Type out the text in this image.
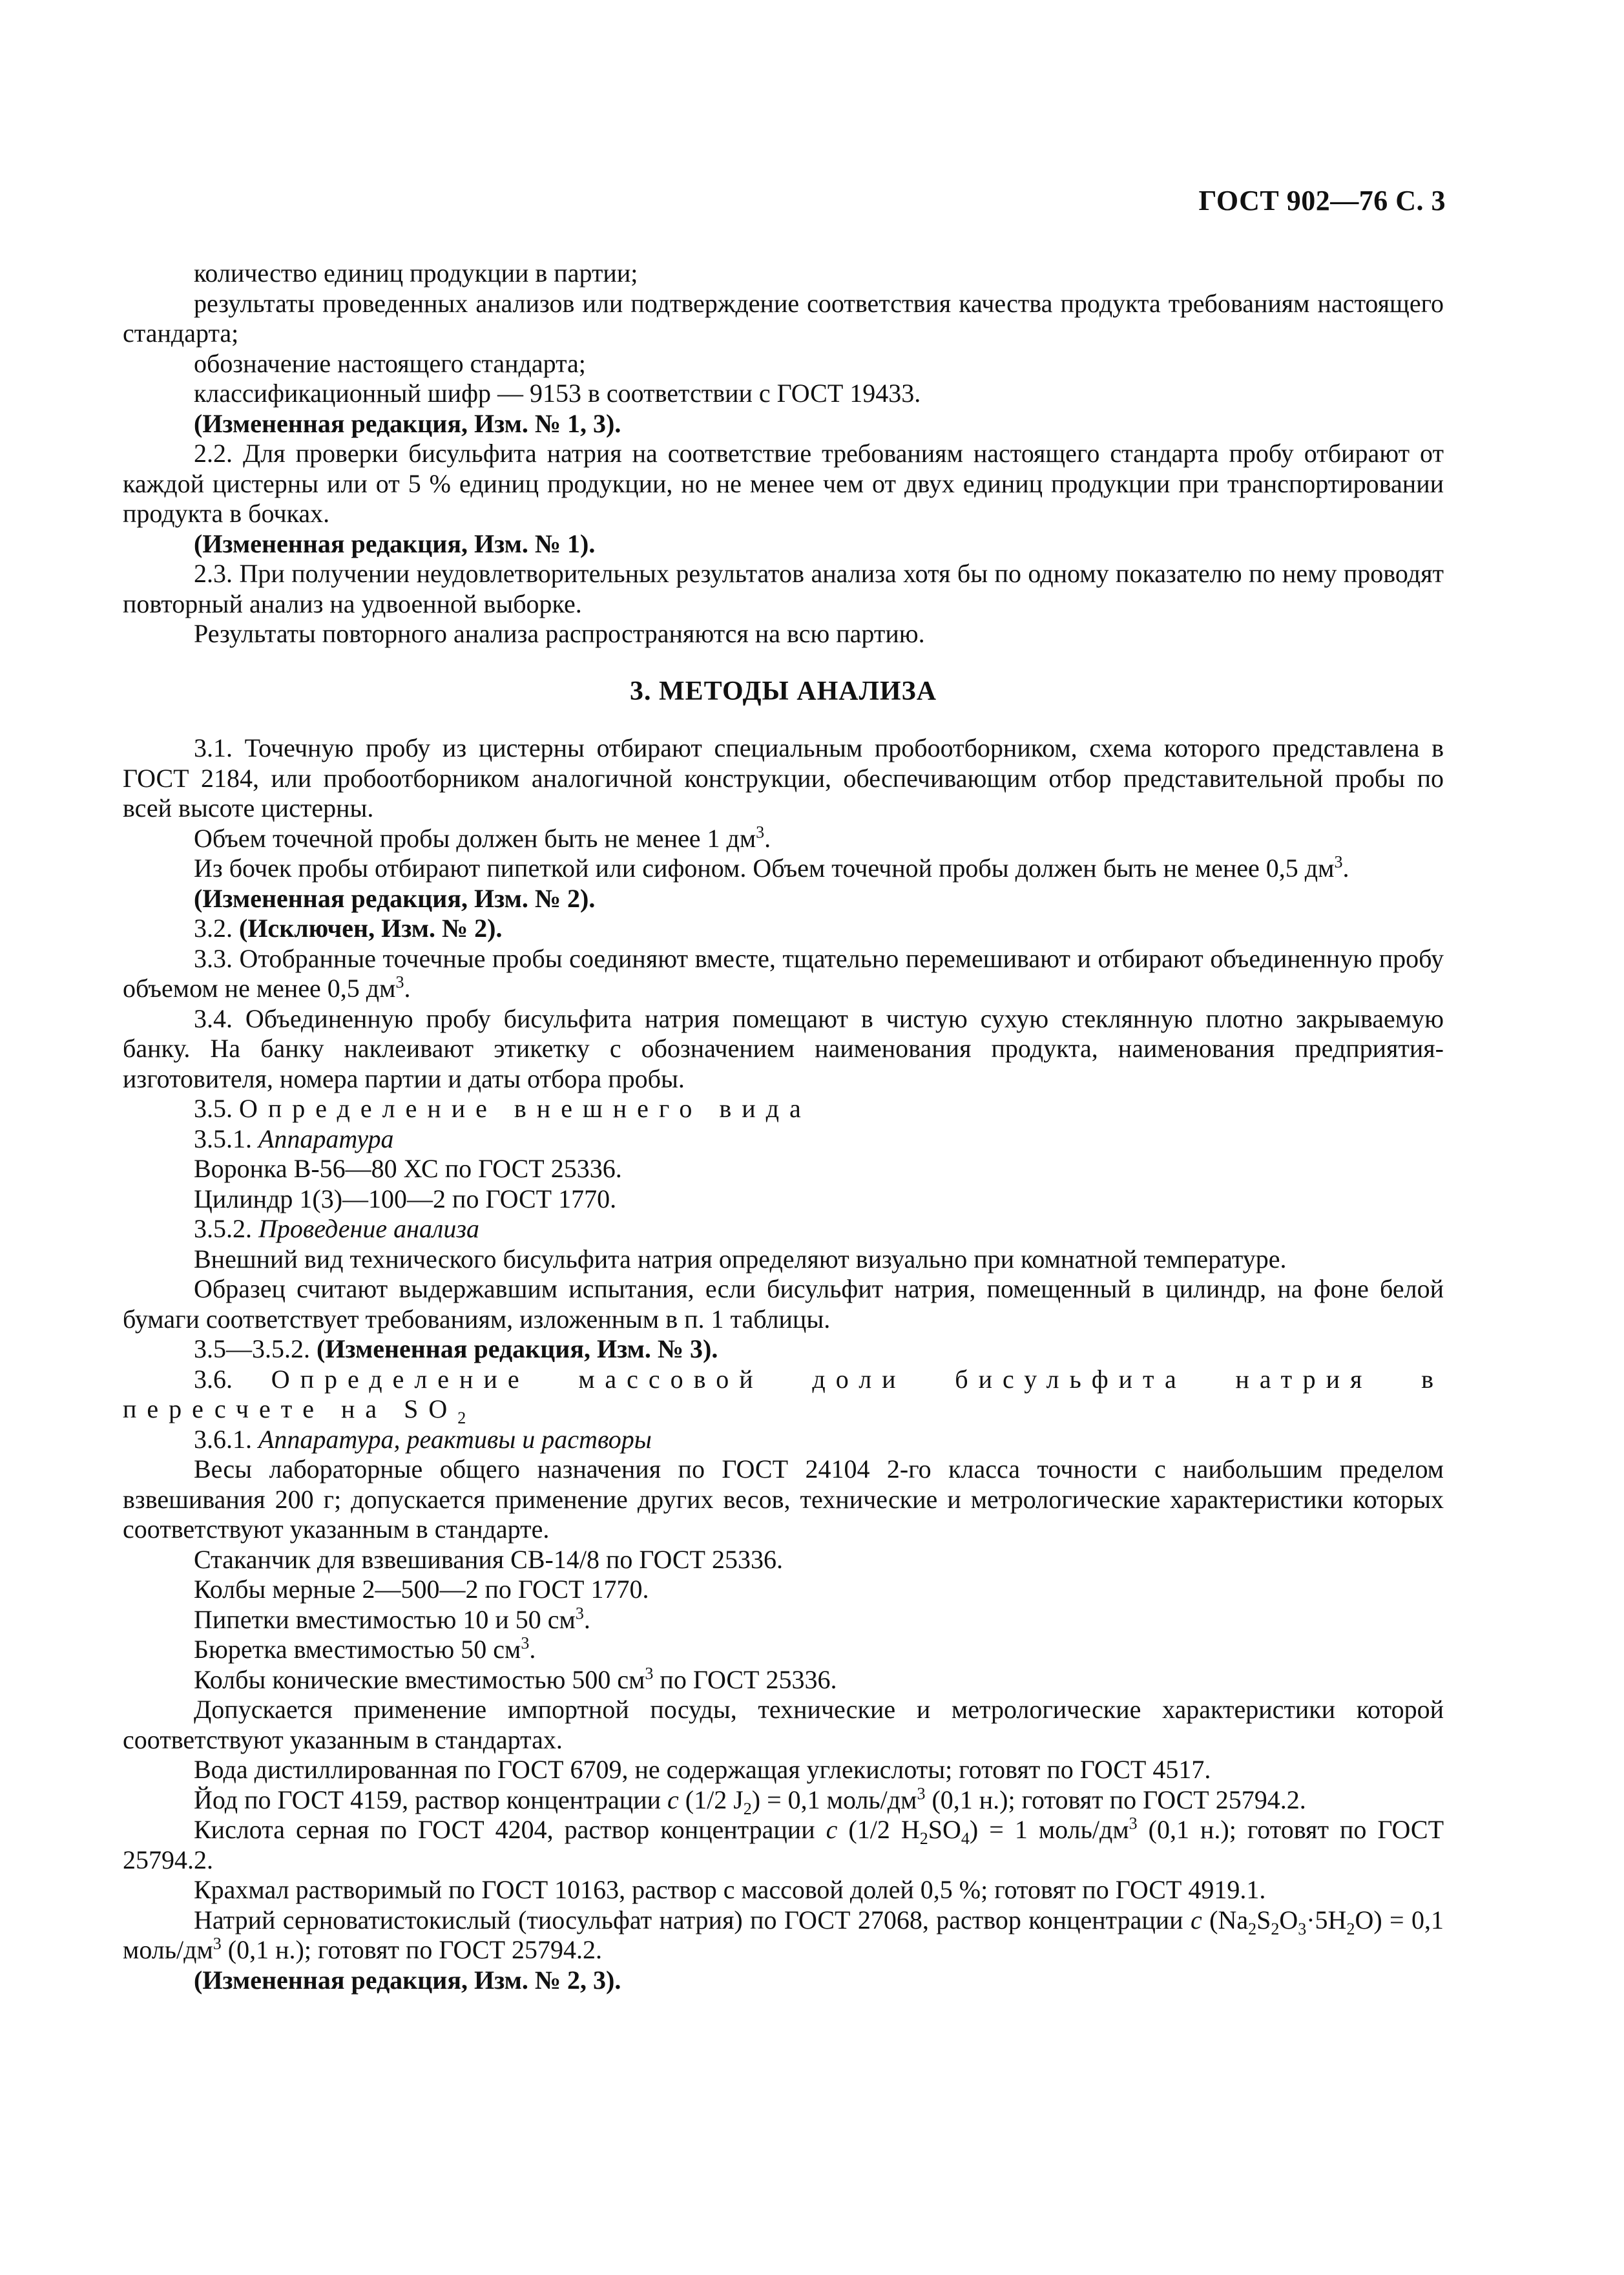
ГОСТ 902—76 С. 3

количество единиц продукции в партии;

результаты проведенных анализов или подтверждение соответствия качества продукта требованиям настоящего стандарта;

обозначение настоящего стандарта;

классификационный шифр — 9153 в соответствии с ГОСТ 19433.

(Измененная редакция, Изм. № 1, 3).

2.2. Для проверки бисульфита натрия на соответствие требованиям настоящего стандарта пробу отбирают от каждой цистерны или от 5 % единиц продукции, но не менее чем от двух единиц продукции при транспортировании продукта в бочках.

(Измененная редакция, Изм. № 1).

2.3. При получении неудовлетворительных результатов анализа хотя бы по одному показателю по нему проводят повторный анализ на удвоенной выборке.

Результаты повторного анализа распространяются на всю партию.

3. МЕТОДЫ АНАЛИЗА

3.1. Точечную пробу из цистерны отбирают специальным пробоотборником, схема которого представлена в ГОСТ 2184, или пробоотборником аналогичной конструкции, обеспечивающим отбор представительной пробы по всей высоте цистерны.

Объем точечной пробы должен быть не менее 1 $дм^3$.

Из бочек пробы отбирают пипеткой или сифоном. Объем точечной пробы должен быть не менее 0,5 $дм^3$.

(Измененная редакция, Изм. № 2).

3.2. (Исключен, Изм. № 2).

3.3. Отобранные точечные пробы соединяют вместе, тщательно перемешивают и отбирают объединенную пробу объемом не менее 0,5 $дм^3$.

3.4. Объединенную пробу бисульфита натрия помещают в чистую сухую стеклянную плотно закрываемую банку. На банку наклеивают этикетку с обозначением наименования продукта, наименования предприятия-изготовителя, номера партии и даты отбора пробы.

3.5. Определение внешнего вида

3.5.1. Аппаратура

Воронка В-56—80 ХС по ГОСТ 25336.

Цилиндр 1(3)—100—2 по ГОСТ 1770.

3.5.2. Проведение анализа

Внешний вид технического бисульфита натрия определяют визуально при комнатной температуре.

Образец считают выдержавшим испытания, если бисульфит натрия, помещенный в цилиндр, на фоне белой бумаги соответствует требованиям, изложенным в п. 1 таблицы.

3.5—3.5.2. (Измененная редакция, Изм. № 3).

3.6. Определение массовой доли бисульфита натрия в пересчете на $SO_2$

3.6.1. Аппаратура, реактивы и растворы

Весы лабораторные общего назначения по ГОСТ 24104 2-го класса точности с наибольшим пределом взвешивания 200 г; допускается применение других весов, технические и метрологические характеристики которых соответствуют указанным в стандарте.

Стаканчик для взвешивания СВ-14/8 по ГОСТ 25336.

Колбы мерные 2—500—2 по ГОСТ 1770.

Пипетки вместимостью 10 и 50 $см^3$.

Бюретка вместимостью 50 $см^3$.

Колбы конические вместимостью 500 $см^3$ по ГОСТ 25336.

Допускается применение импортной посуды, технические и метрологические характеристики которой соответствуют указанным в стандартах.

Вода дистиллированная по ГОСТ 6709, не содержащая углекислоты; готовят по ГОСТ 4517.

Йод по ГОСТ 4159, раствор концентрации c (1/2 $J_2) = 0,1$ моль/$дм^3$ (0,1 н.); готовят по ГОСТ 25794.2.

Кислота серная по ГОСТ 4204, раствор концентрации c (1/2 $H_2SO_4) = 1$ моль/$дм^3$ (0,1 н.); готовят по ГОСТ 25794.2.

Крахмал растворимый по ГОСТ 10163, раствор с массовой долей 0,5 %; готовят по ГОСТ 4919.1.

Натрий серноватистокислый (тиосульфат натрия) по ГОСТ 27068, раствор концентрации c $(Na_2S_2O_3\cdot 5H_2O) = 0,1$ моль/$дм^3$ (0,1 н.); готовят по ГОСТ 25794.2.

(Измененная редакция, Изм. № 2, 3).
